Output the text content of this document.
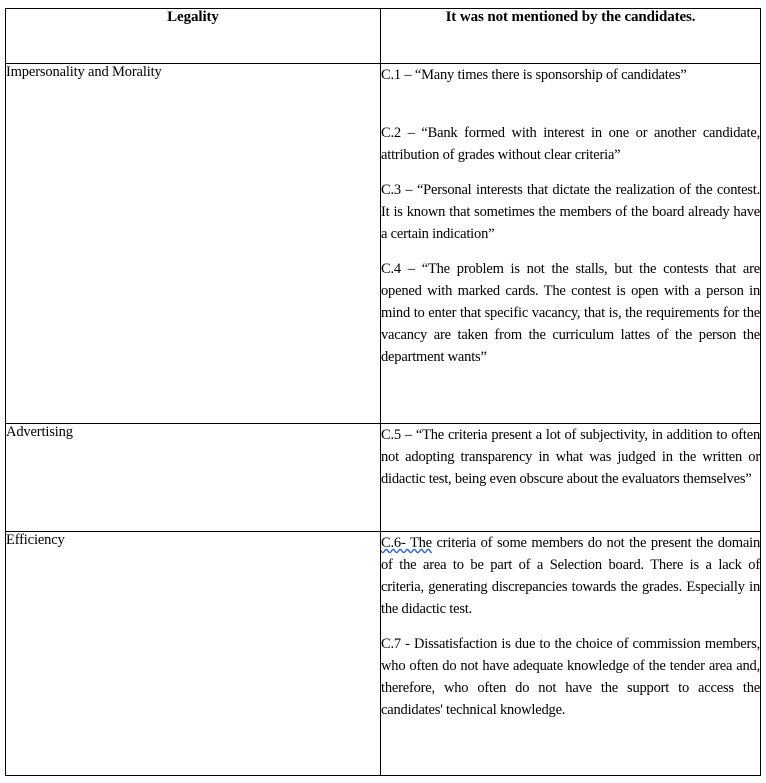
Legality	It was not mentioned by the candidates.
Impersonality and Morality	C.1 – “Many times there is sponsorship of candidates”

C.2 – “Bank formed with interest in one or another candidate, attribution of grades without clear criteria”

C.3 – “Personal interests that dictate the realization of the contest. It is known that sometimes the members of the board already have a certain indication”

C.4 – “The problem is not the stalls, but the contests that are opened with marked cards. The contest is open with a person in mind to enter that specific vacancy, that is, the requirements for the vacancy are taken from the curriculum lattes of the person the department wants”

Advertising	C.5 – “The criteria present a lot of subjectivity, in addition to often not adopting transparency in what was judged in the written or didactic test, being even obscure about the evaluators themselves”

Efficiency	C.6- The criteria of some members do not the present the domain of the area to be part of a Selection board. There is a lack of criteria, generating discrepancies towards the grades. Especially in the didactic test.

C.7 - Dissatisfaction is due to the choice of commission members, who often do not have adequate knowledge of the tender area and, therefore, who often do not have the support to access the candidates' technical knowledge.
